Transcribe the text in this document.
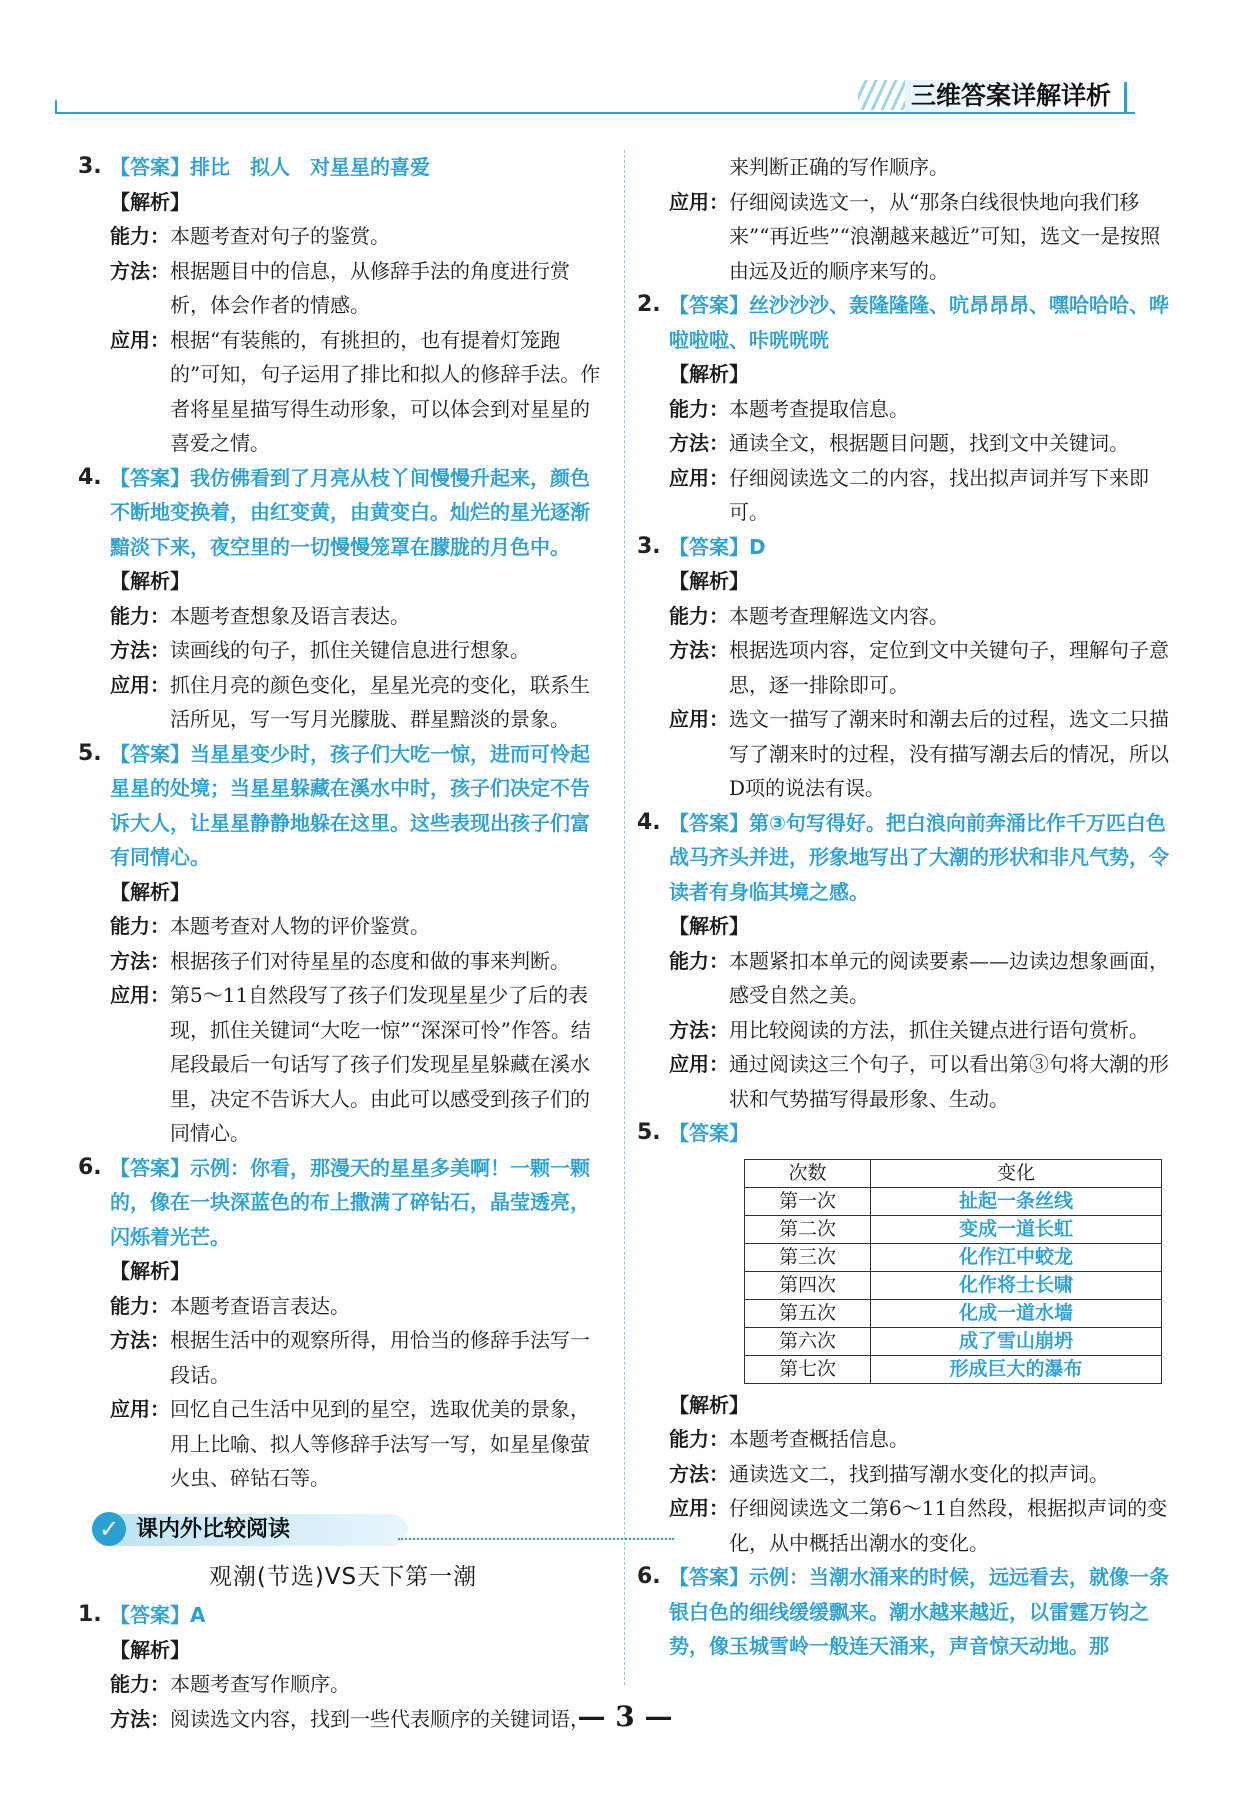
三维答案详解详析
3. 【答案】排比　拟人　对星星的喜爱
【解析】
能力： 本题考查对句子的鉴赏。
方法： 根据题目中的信息，从修辞手法的角度进行赏析，体会作者的情感。
应用： 根据“有装熊的，有挑担的，也有提着灯笼跑的”可知，句子运用了排比和拟人的修辞手法。作者将星星描写得生动形象，可以体会到对星星的喜爱之情。
4. 【答案】我仿佛看到了月亮从枝丫间慢慢升起来，颜色不断地变换着，由红变黄，由黄变白。灿烂的星光逐渐黯淡下来，夜空里的一切慢慢笼罩在朦胧的月色中。
【解析】
能力： 本题考查想象及语言表达。
方法： 读画线的句子，抓住关键信息进行想象。
应用： 抓住月亮的颜色变化，星星光亮的变化，联系生活所见，写一写月光朦胧、群星黯淡的景象。
5. 【答案】当星星变少时，孩子们大吃一惊，进而可怜起星星的处境；当星星躲藏在溪水中时，孩子们决定不告诉大人，让星星静静地躲在这里。这些表现出孩子们富有同情心。
【解析】
能力： 本题考查对人物的评价鉴赏。
方法： 根据孩子们对待星星的态度和做的事来判断。
应用： 第5～11自然段写了孩子们发现星星少了后的表现，抓住关键词“大吃一惊”“深深可怜”作答。结尾段最后一句话写了孩子们发现星星躲藏在溪水里，决定不告诉大人。由此可以感受到孩子们的同情心。
6. 【答案】示例：你看，那漫天的星星多美啊！一颗一颗的，像在一块深蓝色的布上撒满了碎钻石，晶莹透亮，闪烁着光芒。
【解析】
能力： 本题考查语言表达。
方法： 根据生活中的观察所得，用恰当的修辞手法写一段话。
应用： 回忆自己生活中见到的星空，选取优美的景象，用上比喻、拟人等修辞手法写一写，如星星像萤火虫、碎钻石等。
✓ 课内外比较阅读
观潮(节选)VS天下第一潮
1. 【答案】A
【解析】
能力： 本题考查写作顺序。
方法： 阅读选文内容，找到一些代表顺序的关键词语，
来判断正确的写作顺序。
应用： 仔细阅读选文一，从“那条白线很快地向我们移来”“再近些”“浪潮越来越近”可知，选文一是按照由远及近的顺序来写的。
2. 【答案】丝沙沙沙、轰隆隆隆、吭昂昂昂、嘿哈哈哈、哗啦啦啦、咔咣咣咣
【解析】
能力： 本题考查提取信息。
方法： 通读全文，根据题目问题，找到文中关键词。
应用： 仔细阅读选文二的内容，找出拟声词并写下来即可。
3. 【答案】D
【解析】
能力： 本题考查理解选文内容。
方法： 根据选项内容，定位到文中关键句子，理解句子意思，逐一排除即可。
应用： 选文一描写了潮来时和潮去后的过程，选文二只描写了潮来时的过程，没有描写潮去后的情况，所以D项的说法有误。
4. 【答案】第③句写得好。把白浪向前奔涌比作千万匹白色战马齐头并进，形象地写出了大潮的形状和非凡气势，令读者有身临其境之感。
【解析】
能力： 本题紧扣本单元的阅读要素——边读边想象画面，感受自然之美。
方法： 用比较阅读的方法，抓住关键点进行语句赏析。
应用： 通过阅读这三个句子，可以看出第③句将大潮的形状和气势描写得最形象、生动。
5. 【答案】
次数	变化
第一次	扯起一条丝线
第二次	变成一道长虹
第三次	化作江中蛟龙
第四次	化作将士长啸
第五次	化成一道水墙
第六次	成了雪山崩坍
第七次	形成巨大的瀑布
【解析】
能力： 本题考查概括信息。
方法： 通读选文二，找到描写潮水变化的拟声词。
应用： 仔细阅读选文二第6～11自然段，根据拟声词的变化，从中概括出潮水的变化。
6. 【答案】示例：当潮水涌来的时候，远远看去，就像一条银白色的细线缓缓飘来。潮水越来越近，以雷霆万钧之势，像玉城雪岭一般连天涌来，声音惊天动地。那
— 3 —
